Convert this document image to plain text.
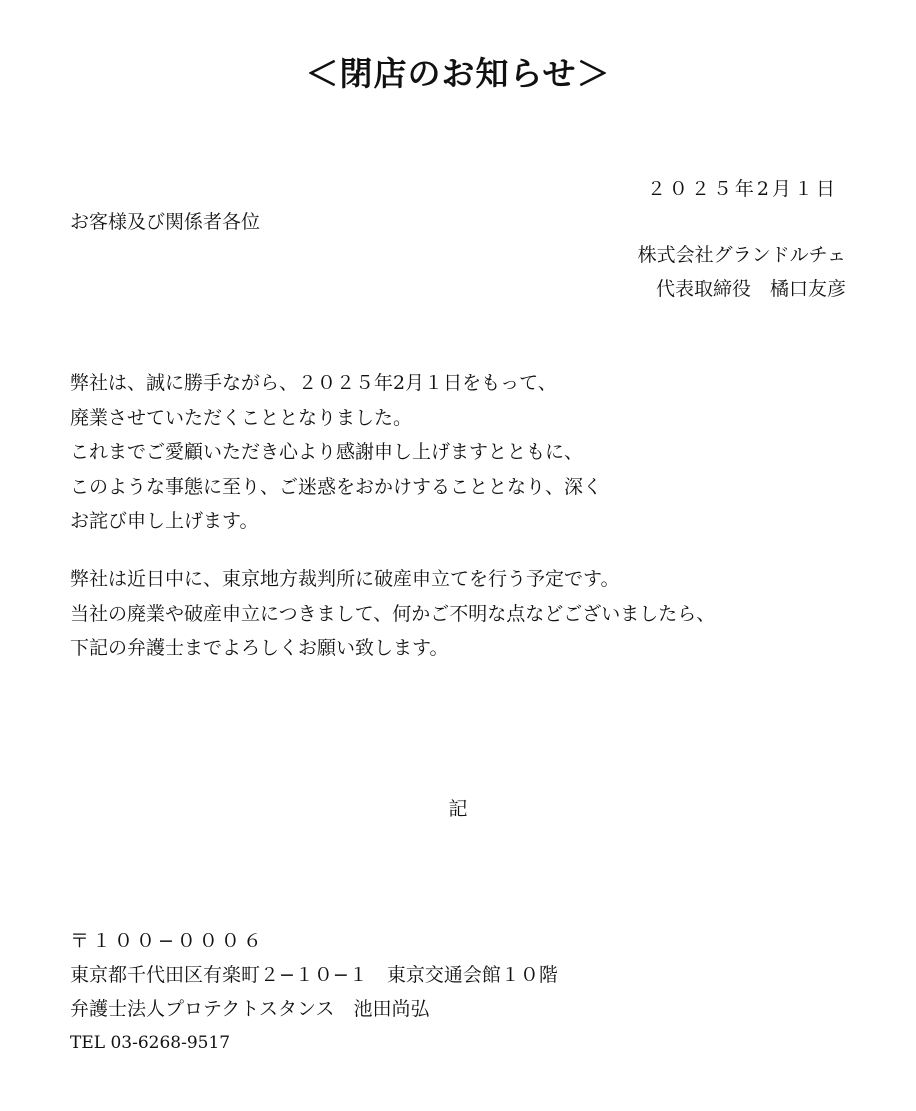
＜閉店のお知らせ＞
２０２５年2月１日
お客様及び関係者各位
株式会社グランドルチェ
代表取締役　橘口友彦
弊社は、誠に勝手ながら、２０２５年2月１日をもって、
廃業させていただくこととなりました。
これまでご愛顧いただき心より感謝申し上げますとともに、
このような事態に至り、ご迷惑をおかけすることとなり、深く
お詫び申し上げます。
弊社は近日中に、東京地方裁判所に破産申立てを行う予定です。
当社の廃業や破産申立につきまして、何かご不明な点などございましたら、
下記の弁護士までよろしくお願い致します。
記
〒１００−０００６
東京都千代田区有楽町２−１０−１　東京交通会館１０階
弁護士法人プロテクトスタンス　池田尚弘
TEL 03-6268-9517
